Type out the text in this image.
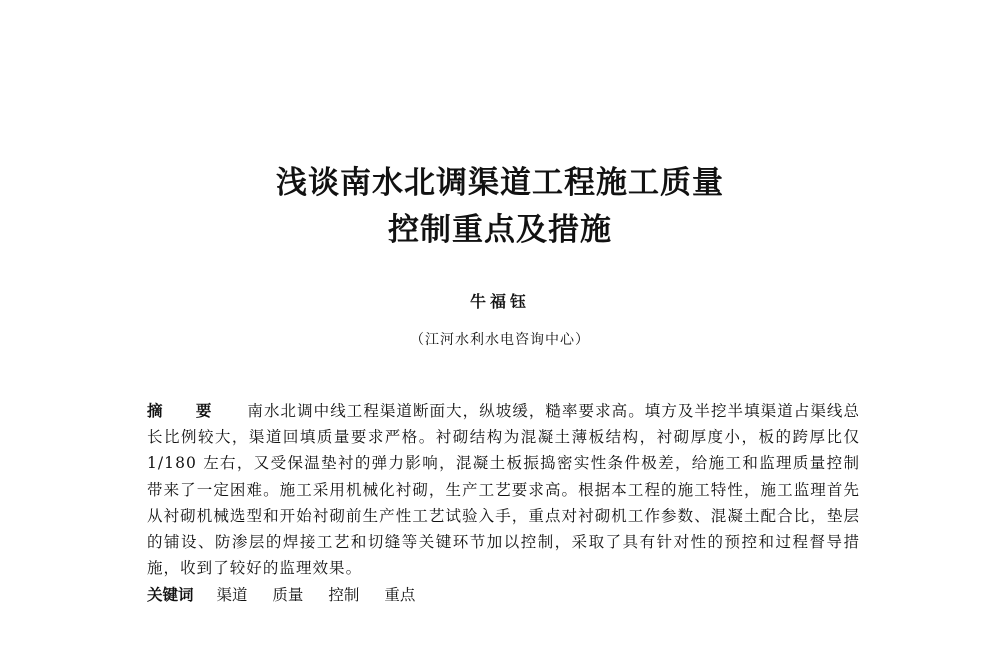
浅谈南水北调渠道工程施工质量
控制重点及措施
牛福钰
（江河水利水电咨询中心）
摘 要 南水北调中线工程渠道断面大，纵坡缓，糙率要求高。填方及半挖半填渠道占渠线总长比例较大，渠道回填质量要求严格。衬砌结构为混凝土薄板结构，衬砌厚度小，板的跨厚比仅 1/180 左右，又受保温垫衬的弹力影响，混凝土板振捣密实性条件极差，给施工和监理质量控制带来了一定困难。施工采用机械化衬砌，生产工艺要求高。根据本工程的施工特性，施工监理首先从衬砌机械选型和开始衬砌前生产性工艺试验入手，重点对衬砌机工作参数、混凝土配合比，垫层的铺设、防渗层的焊接工艺和切缝等关键环节加以控制，采取了具有针对性的预控和过程督导措施，收到了较好的监理效果。
关键词 渠道 质量 控制 重点
